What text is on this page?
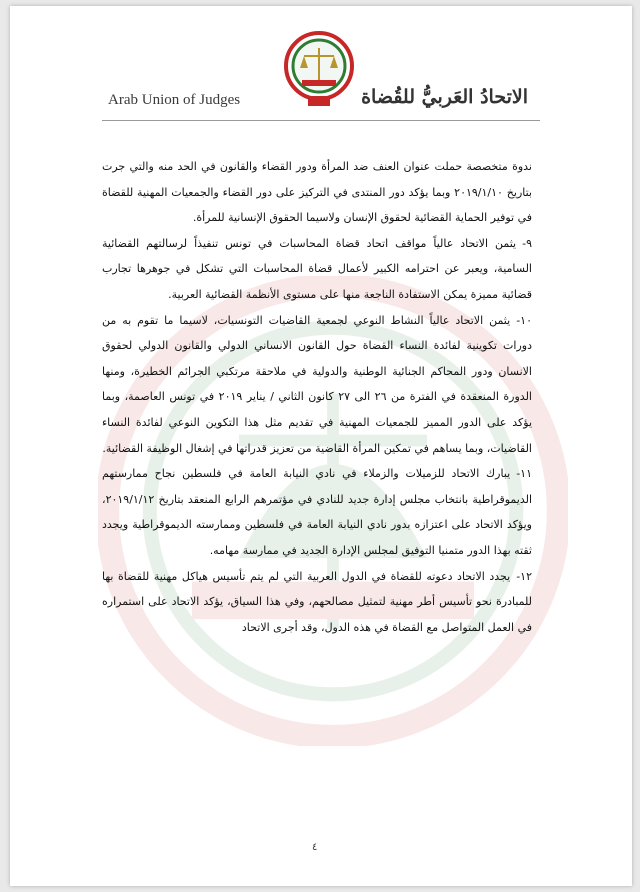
Arab Union of Judges	الاتحادُ العَربيُّ للقُضاة

ندوة متخصصة حملت عنوان العنف ضد المرأة ودور القضاء والقانون في الحد منه والتي جرت بتاريخ ٢٠١٩/١/١٠ وبما يؤكد دور المنتدى في التركيز على دور القضاء والجمعيات المهنية للقضاة في توفير الحماية القضائية لحقوق الإنسان ولاسيما الحقوق الإنسانية للمرأة.

٩-يثمن الاتحاد عالياً مواقف اتحاد قضاة المحاسبات في تونس تنفيذاً لرسالتهم القضائية السامية، ويعبر عن احترامه الكبير لأعمال قضاة المحاسبات التي تشكل في جوهرها تجارب قضائية مميزة يمكن الاستفادة الناجعة منها على مستوى الأنظمة القضائية العربية.

١٠-يثمن الاتحاد عالياً النشاط النوعي لجمعية القاضيات التونسيات، لاسيما ما تقوم به من دورات تكوينية لفائدة النساء القضاة حول القانون الانساني الدولي والقانون الدولي لحقوق الانسان ودور المحاكم الجنائية الوطنية والدولية في ملاحقة مرتكبي الجرائم الخطيرة، ومنها الدورة المنعقدة في الفترة من ٢٦ الى ٢٧ كانون الثاني / يناير ٢٠١٩ في تونس العاصمة، وبما يؤكد على الدور المميز للجمعيات المهنية في تقديم مثل هذا التكوين النوعي لفائدة النساء القاضيات، وبما يساهم في تمكين المرأة القاضية من تعزيز قدراتها في إشغال الوظيفة القضائية.

١١-يبارك الاتحاد للزميلات والزملاء في نادي النيابة العامة في فلسطين نجاح ممارستهم الديموقراطية بانتخاب مجلس إدارة جديد للنادي في مؤتمرهم الرابع المنعقد بتاريخ ٢٠١٩/١/١٢، ويؤكد الاتحاد على اعتزازه بدور نادي النيابة العامة في فلسطين وممارسته الديموقراطية ويجدد ثقته بهذا الدور متمنيا التوفيق لمجلس الإدارة الجديد في ممارسة مهامه.

١٢-يجدد الاتحاد دعوته للقضاة في الدول العربية التي لم يتم تأسيس هياكل مهنية للقضاة بها للمبادرة نحو تأسيس أطر مهنية لتمثيل مصالحهم، وفي هذا السياق، يؤكد الاتحاد على استمراره في العمل المتواصل مع القضاة في هذه الدول، وقد أجرى الاتحاد

٤
